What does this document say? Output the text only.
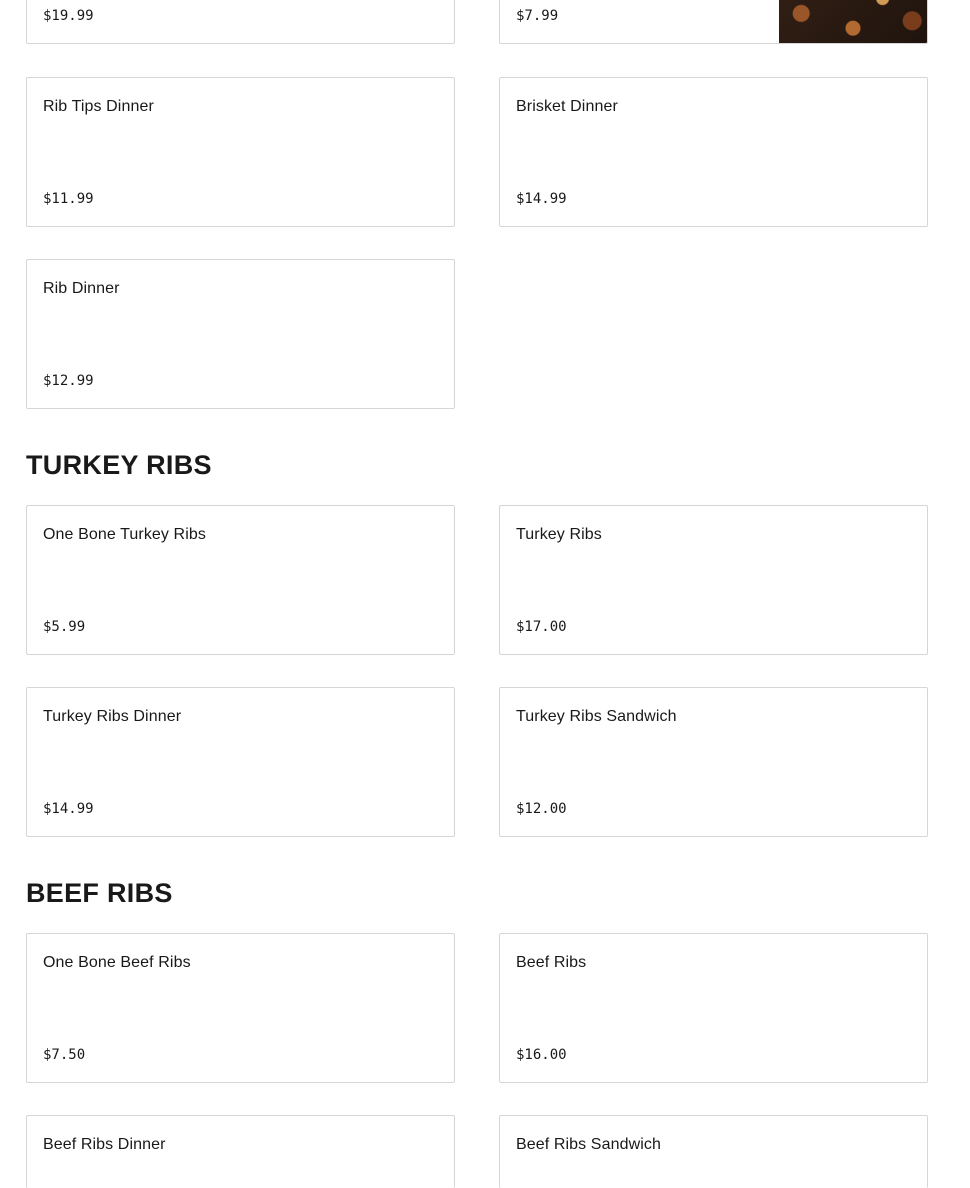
$19.99	$7.99
Rib Tips Dinner
$11.99
Brisket Dinner
$14.99
Rib Dinner
$12.99
TURKEY RIBS
One Bone Turkey Ribs
$5.99
Turkey Ribs
$17.00
Turkey Ribs Dinner
$14.99
Turkey Ribs Sandwich
$12.00
BEEF RIBS
One Bone Beef Ribs
$7.50
Beef Ribs
$16.00
Beef Ribs Dinner	Beef Ribs Sandwich
